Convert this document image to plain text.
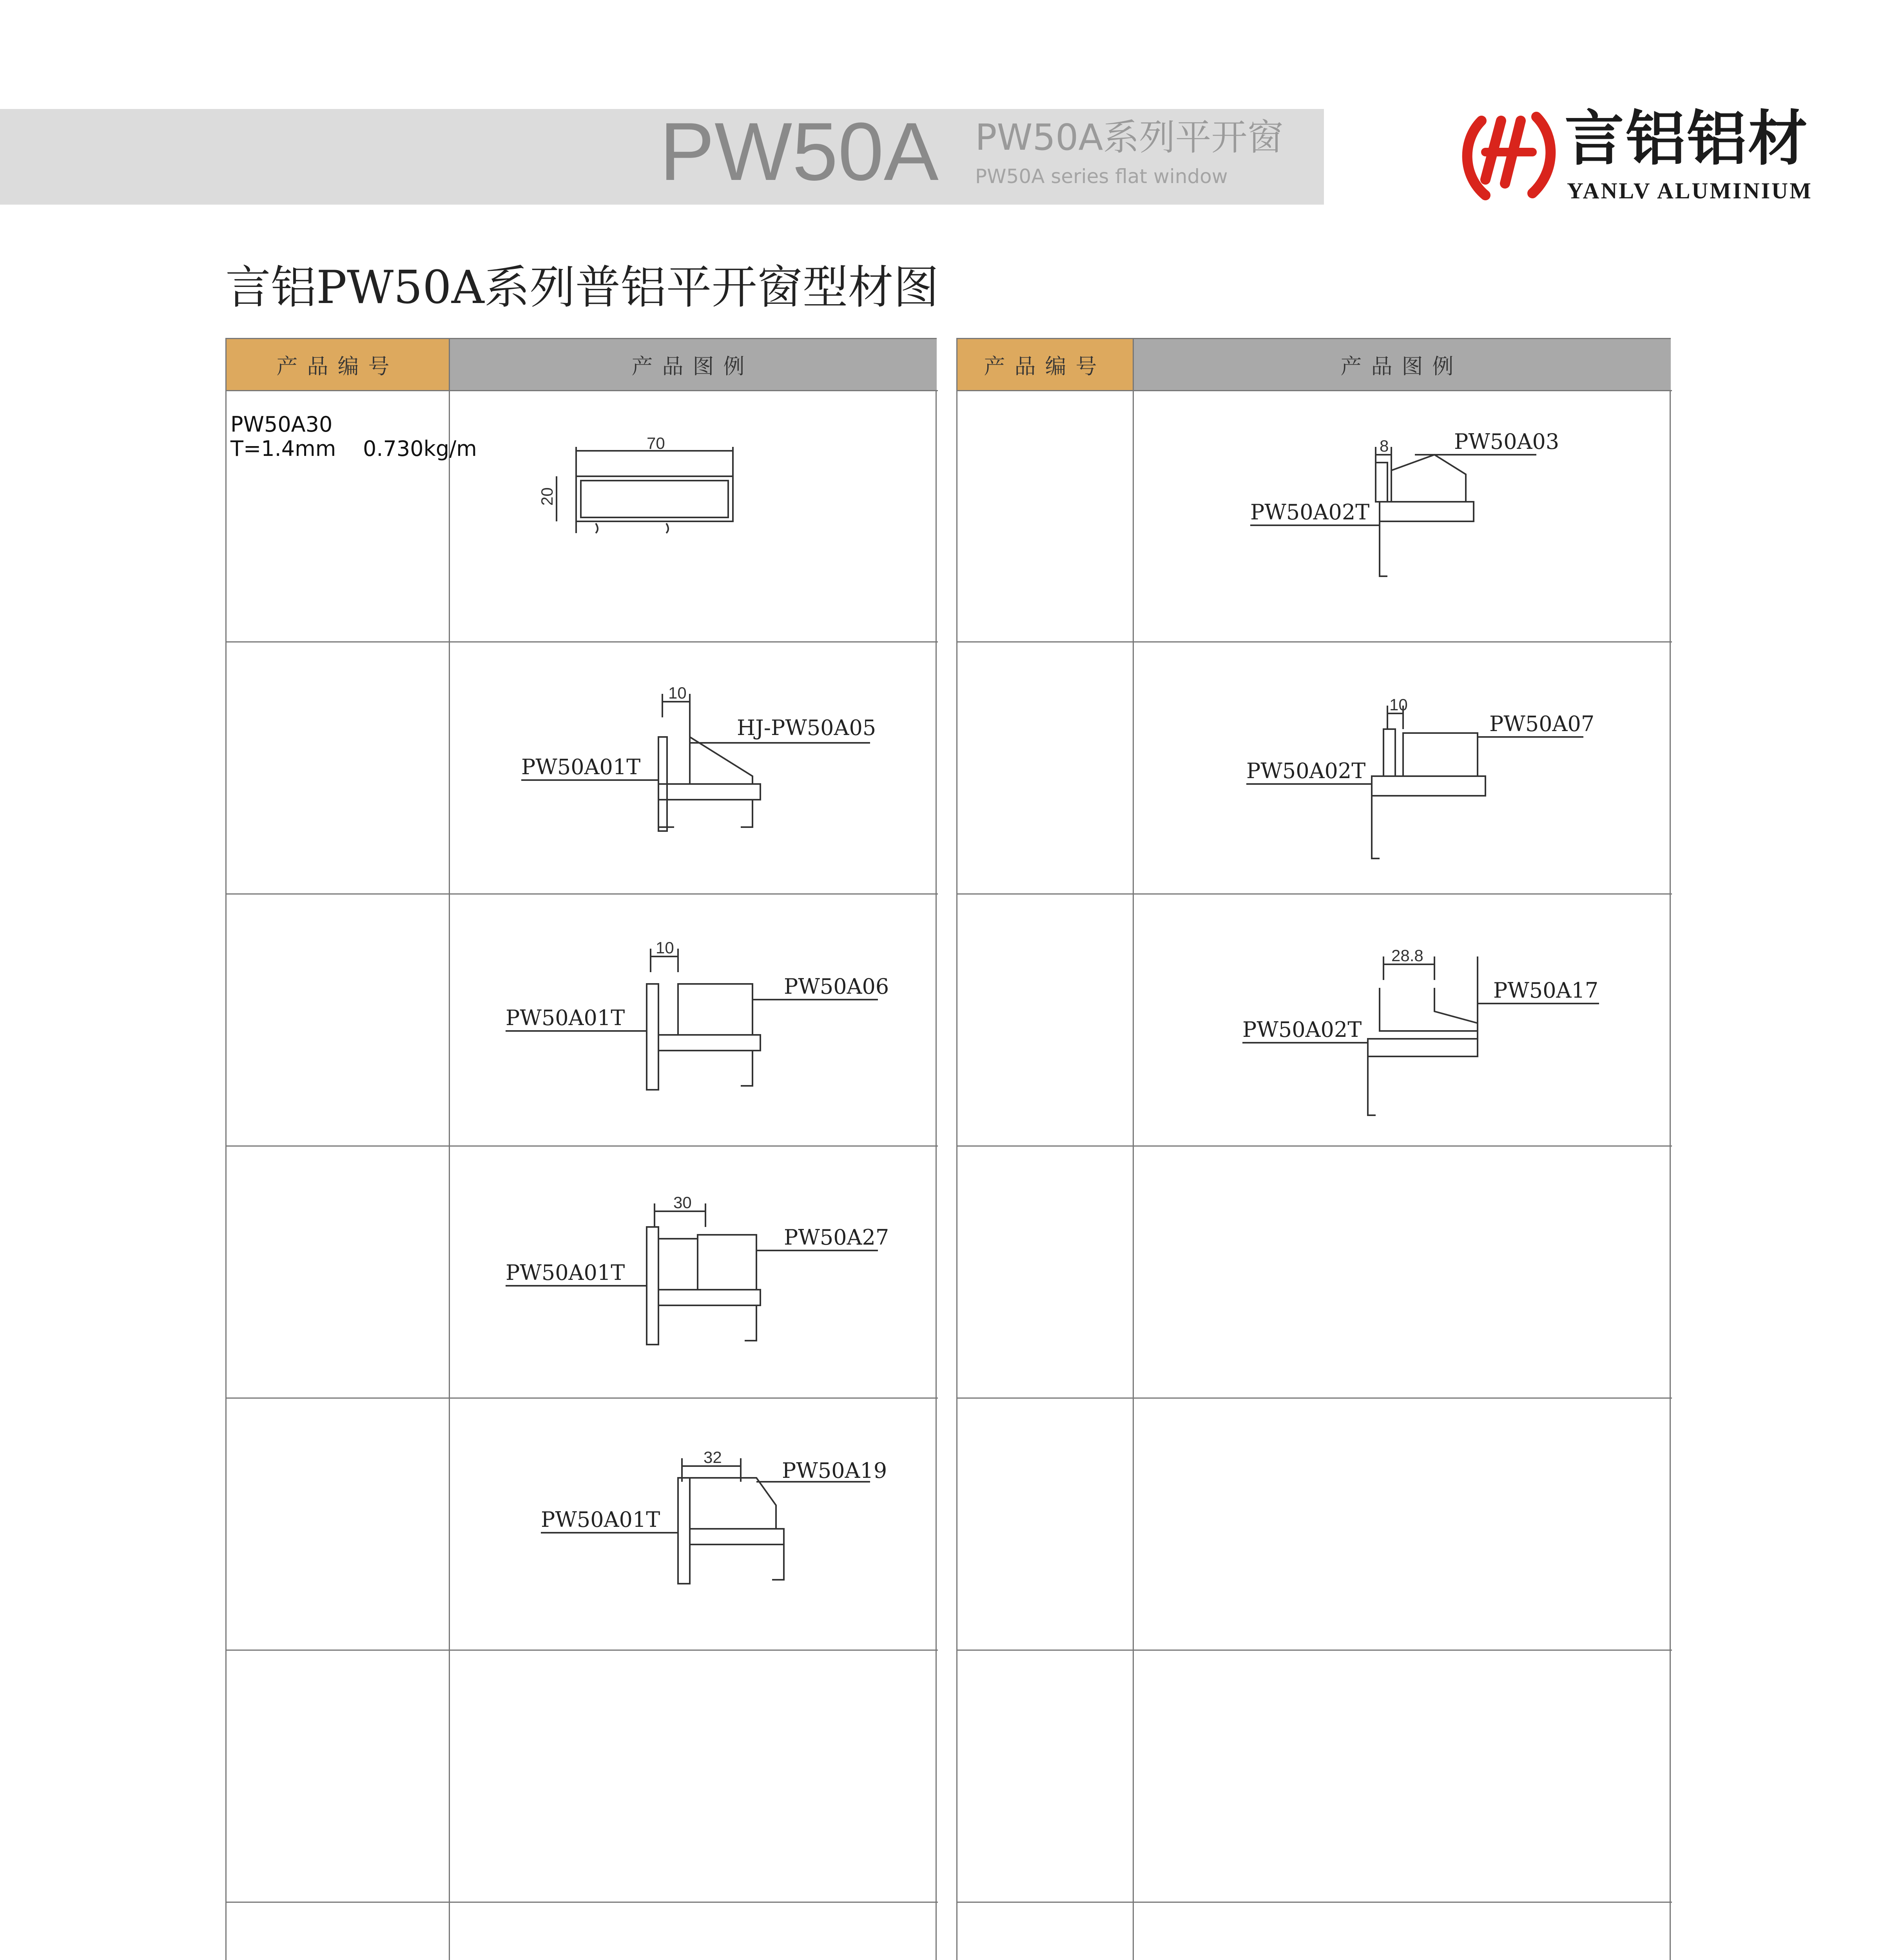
PW50A PW50A系列平开窗
PW50A series flat window
言铝铝材
YANLV ALUMINIUM
言铝PW50A系列普铝平开窗型材图
产品编号	产品图例
PW50A30
T=1.4mm    0.730kg/m
产品编号	产品图例
70
20
10
HJ-PW50A05
PW50A01T
10
PW50A06
PW50A01T
30
PW50A27
PW50A01T
32
PW50A19
PW50A01T
8	PW50A03
PW50A02T
10
PW50A07
PW50A02T
28.8
PW50A17
PW50A02T
